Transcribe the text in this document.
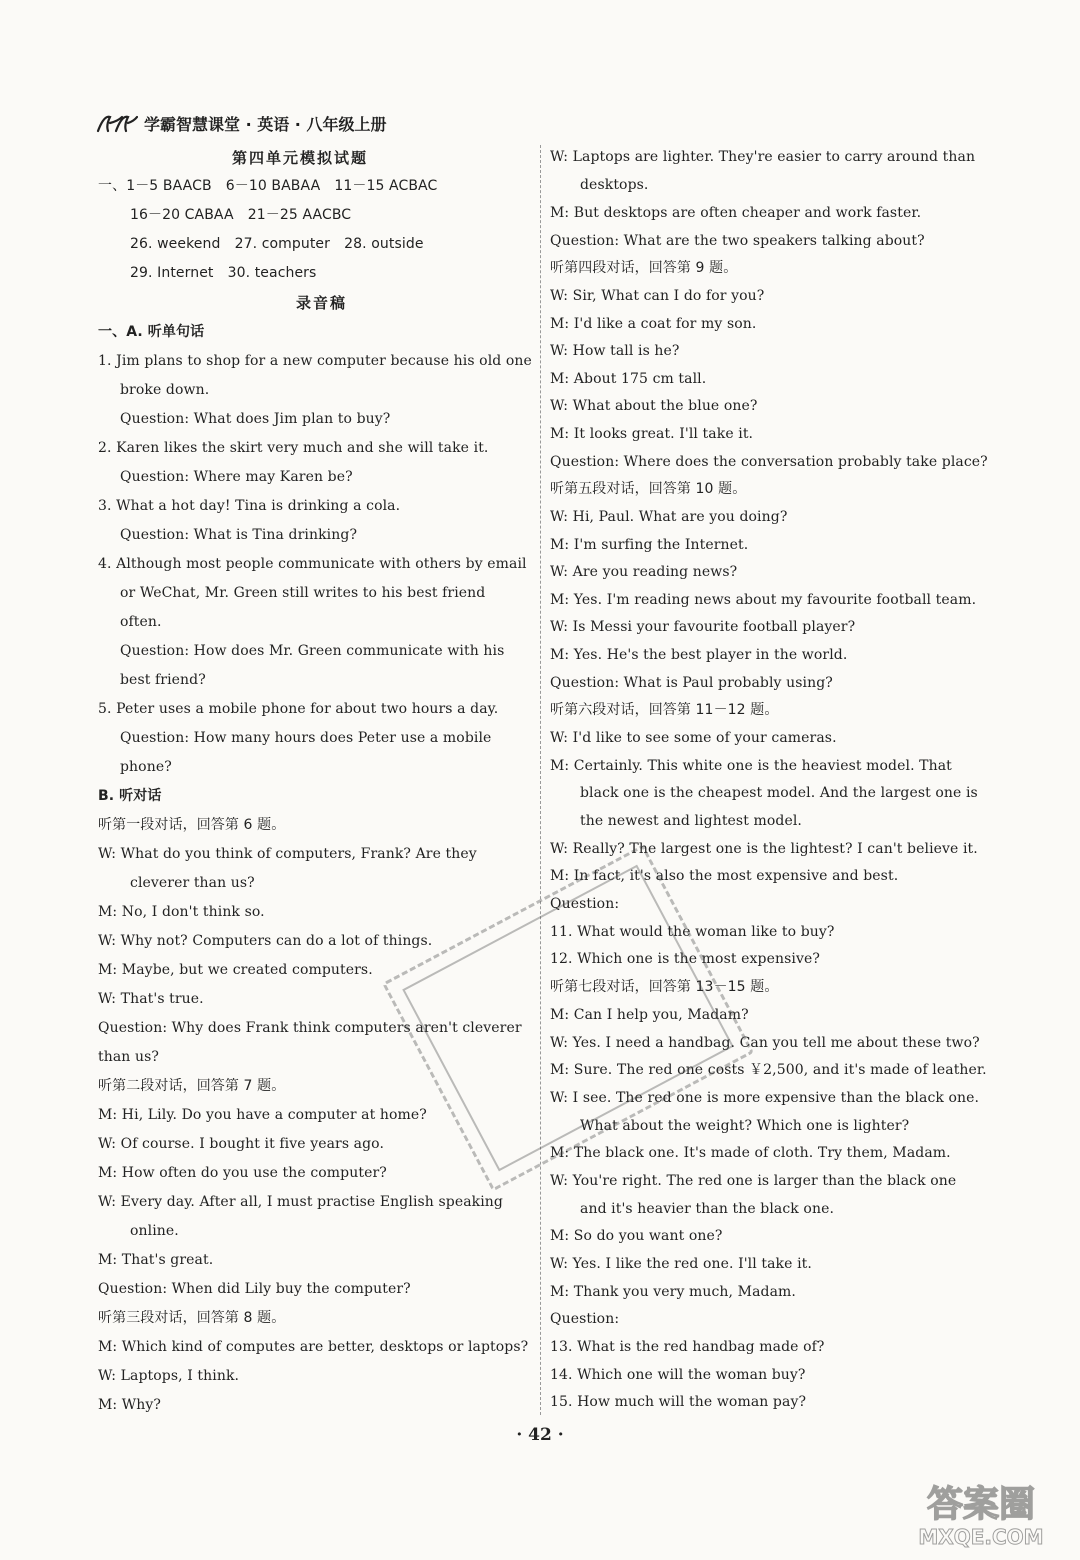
学霸智慧课堂 · 英语 · 八年级上册
第四单元模拟试题
一、1－5 BAACB　6－10 BABAA　11－15 ACBAC
16－20 CABAA　21－25 AACBC
26. weekend　27. computer　28. outside
29. Internet　30. teachers
录音稿
一、A. 听单句话
1. Jim plans to shop for a new computer because his old one
broke down.
Question: What does Jim plan to buy?
2. Karen likes the skirt very much and she will take it.
Question: Where may Karen be?
3. What a hot day! Tina is drinking a cola.
Question: What is Tina drinking?
4. Although most people communicate with others by email
or WeChat, Mr. Green still writes to his best friend
often.
Question: How does Mr. Green communicate with his
best friend?
5. Peter uses a mobile phone for about two hours a day.
Question: How many hours does Peter use a mobile
phone?
B. 听对话
听第一段对话，回答第 6 题。
W: What do you think of computers, Frank? Are they
cleverer than us?
M: No, I don't think so.
W: Why not? Computers can do a lot of things.
M: Maybe, but we created computers.
W: That's true.
Question: Why does Frank think computers aren't cleverer
than us?
听第二段对话，回答第 7 题。
M: Hi, Lily. Do you have a computer at home?
W: Of course. I bought it five years ago.
M: How often do you use the computer?
W: Every day. After all, I must practise English speaking
online.
M: That's great.
Question: When did Lily buy the computer?
听第三段对话，回答第 8 题。
M: Which kind of computes are better, desktops or laptops?
W: Laptops, I think.
M: Why?
W: Laptops are lighter. They're easier to carry around than
desktops.
M: But desktops are often cheaper and work faster.
Question: What are the two speakers talking about?
听第四段对话，回答第 9 题。
W: Sir, What can I do for you?
M: I'd like a coat for my son.
W: How tall is he?
M: About 175 cm tall.
W: What about the blue one?
M: It looks great. I'll take it.
Question: Where does the conversation probably take place?
听第五段对话，回答第 10 题。
W: Hi, Paul. What are you doing?
M: I'm surfing the Internet.
W: Are you reading news?
M: Yes. I'm reading news about my favourite football team.
W: Is Messi your favourite football player?
M: Yes. He's the best player in the world.
Question: What is Paul probably using?
听第六段对话，回答第 11－12 题。
W: I'd like to see some of your cameras.
M: Certainly. This white one is the heaviest model. That
black one is the cheapest model. And the largest one is
the newest and lightest model.
W: Really? The largest one is the lightest? I can't believe it.
M: In fact, it's also the most expensive and best.
Question:
11. What would the woman like to buy?
12. Which one is the most expensive?
听第七段对话，回答第 13－15 题。
M: Can I help you, Madam?
W: Yes. I need a handbag. Can you tell me about these two?
M: Sure. The red one costs ￥2,500, and it's made of leather.
W: I see. The red one is more expensive than the black one.
What about the weight? Which one is lighter?
M: The black one. It's made of cloth. Try them, Madam.
W: You're right. The red one is larger than the black one
and it's heavier than the black one.
M: So do you want one?
W: Yes. I like the red one. I'll take it.
M: Thank you very much, Madam.
Question:
13. What is the red handbag made of?
14. Which one will the woman buy?
15. How much will the woman pay?
· 42 ·
答案圈
MXQE.COM
